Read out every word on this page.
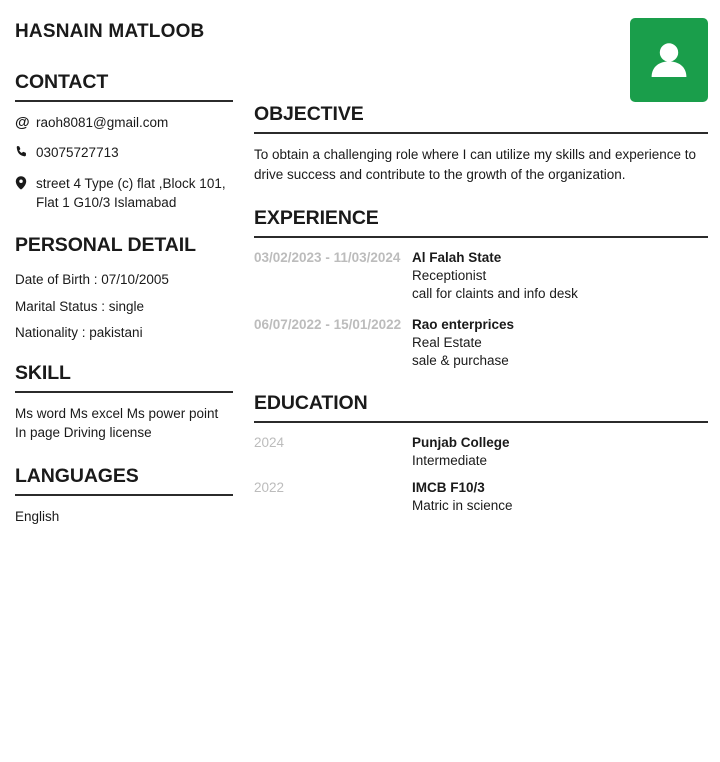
HASNAIN MATLOOB
CONTACT
@ raoh8081@gmail.com
03075727713
street 4 Type (c) flat ,Block 101, Flat 1 G10/3 Islamabad
PERSONAL DETAIL
Date of Birth : 07/10/2005
Marital Status : single
Nationality : pakistani
SKILL
Ms word Ms excel Ms power point In page Driving license
LANGUAGES
English
OBJECTIVE

To obtain a challenging role where I can utilize my skills and experience to drive success and contribute to the growth of the organization.

EXPERIENCE
03/02/2023 - 11/03/2024 Al Falah State
Receptionist
call for claints and info desk
06/07/2022 - 15/01/2022 Rao enterprices
Real Estate
sale & purchase
EDUCATION
2024	Punjab College
Intermediate
2022	IMCB F10/3
Matric in science
